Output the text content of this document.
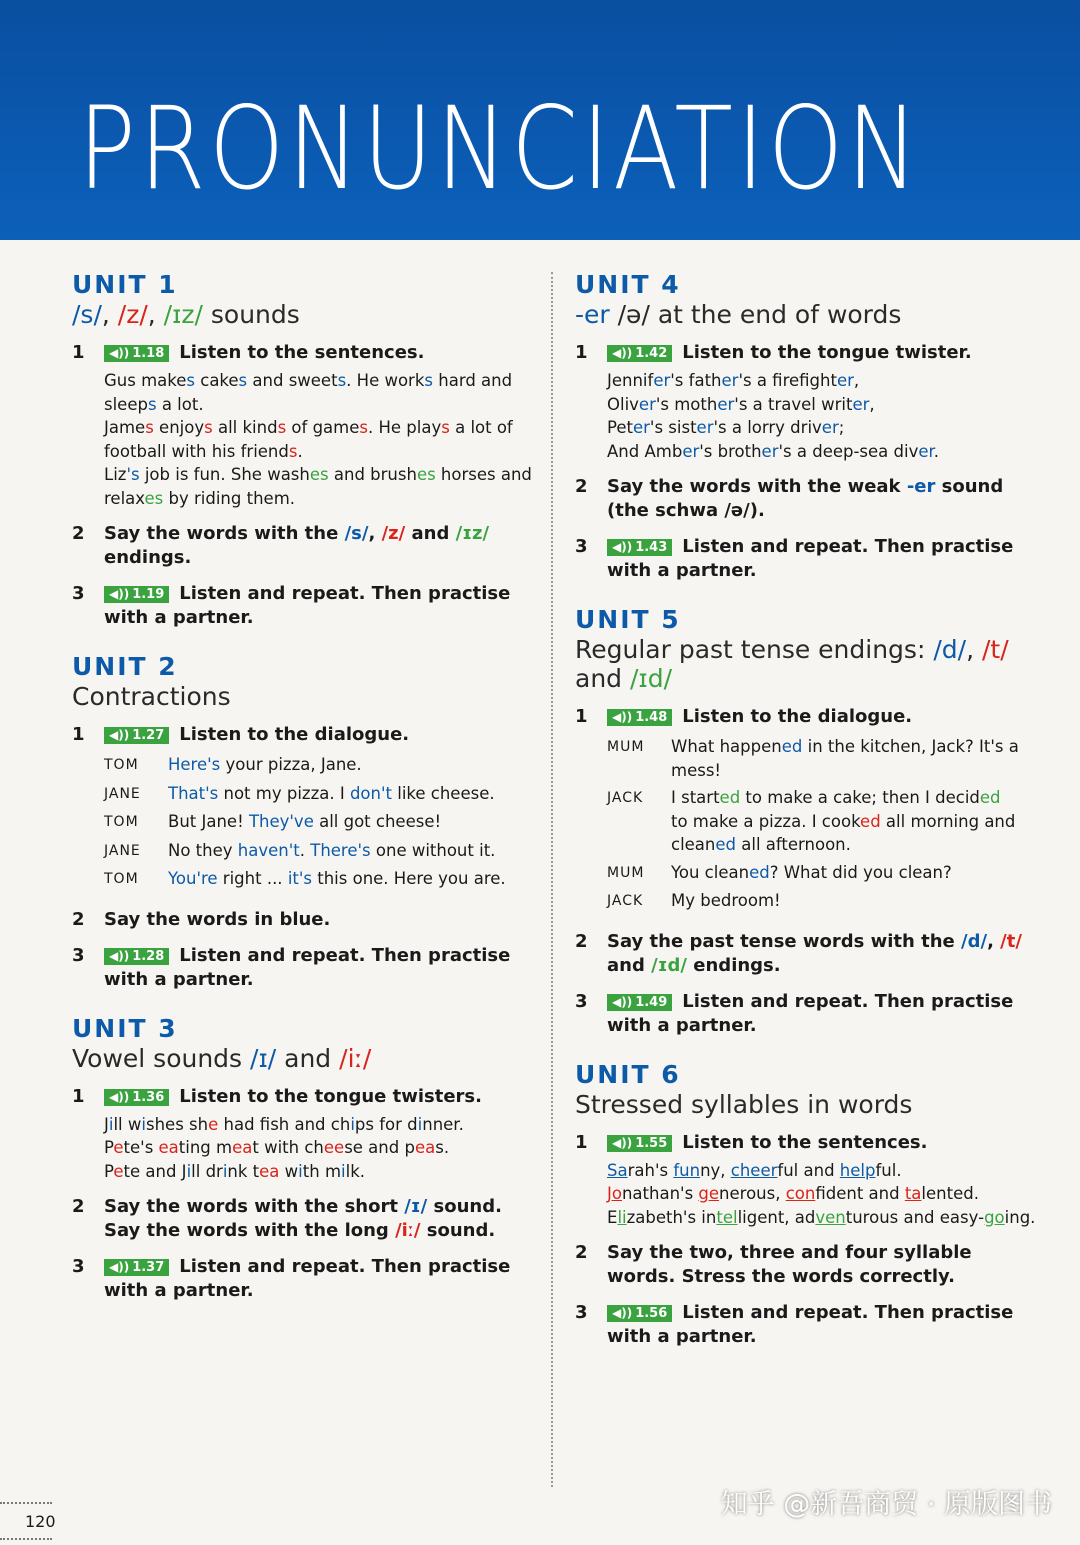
PRONUNCIATION
UNIT 1
/s/, /z/, /ɪz/ sounds
1	◀)) 1.18 Listen to the sentences.

Gus makes cakes and sweets. He works hard and

sleeps a lot.

James enjoys all kinds of games. He plays a lot of

football with his friends.

Liz's job is fun. She washes and brushes horses and

relaxes by riding them.

2	Say the words with the /s/, /z/ and /ɪz/ endings.
3	◀)) 1.19 Listen and repeat. Then practise with a partner.
UNIT 2
Contractions
1	◀)) 1.27 Listen to the dialogue.
TOM	Here's your pizza, Jane.
JANE	That's not my pizza. I don't like cheese.
TOM	But Jane! They've all got cheese!
JANE	No they haven't. There's one without it.
TOM	You're right ... it's this one. Here you are.
2	Say the words in blue.
3	◀)) 1.28 Listen and repeat. Then practise with a partner.
UNIT 3
Vowel sounds /ɪ/ and /iː/
1	◀)) 1.36 Listen to the tongue twisters.

Jill wishes she had fsh and chips for dinner.

Pete's eating meat with cheese and peas.

Pete and Jill drink tea with milk.

2	Say the words with the short /ɪ/ sound. Say the words with the long /iː/ sound.
3	◀)) 1.37 Listen and repeat. Then practise with a partner.
UNIT 4
-er /ə/ at the end of words
1	◀)) 1.42 Listen to the tongue twister.

Jennifer's father's a firefighter,

Oliver's mother's a travel writer,

Peter's sister's a lorry driver;

And Amber's brother's a deep-sea diver.

2	Say the words with the weak -er sound (the schwa /ə/).
3	◀)) 1.43 Listen and repeat. Then practise with a partner.
UNIT 5
Regular past tense endings: /d/, /t/
and /ɪd/
1	◀)) 1.48 Listen to the dialogue.
MUM	What happened in the kitchen, Jack? It's a
mess!
JACK	I started to make a cake; then I decided
to make a pizza. I cooked all morning and
cleaned all afternoon.
MUM	You cleaned? What did you clean?
JACK	My bedroom!
2	Say the past tense words with the /d/, /t/ and /ɪd/ endings.
3	◀)) 1.49 Listen and repeat. Then practise with a partner.
UNIT 6
Stressed syllables in words
1	◀)) 1.55 Listen to the sentences.

Sarah's funny, cheerful and helpful.

Jonathan's generous, confident and talented.

Elizabeth's intelligent, adventurous and easy-going.

2	Say the two, three and four syllable words. Stress the words correctly.
3	◀)) 1.56 Listen and repeat. Then practise with a partner.
120
知乎 @新吾商贸 · 原版图书
